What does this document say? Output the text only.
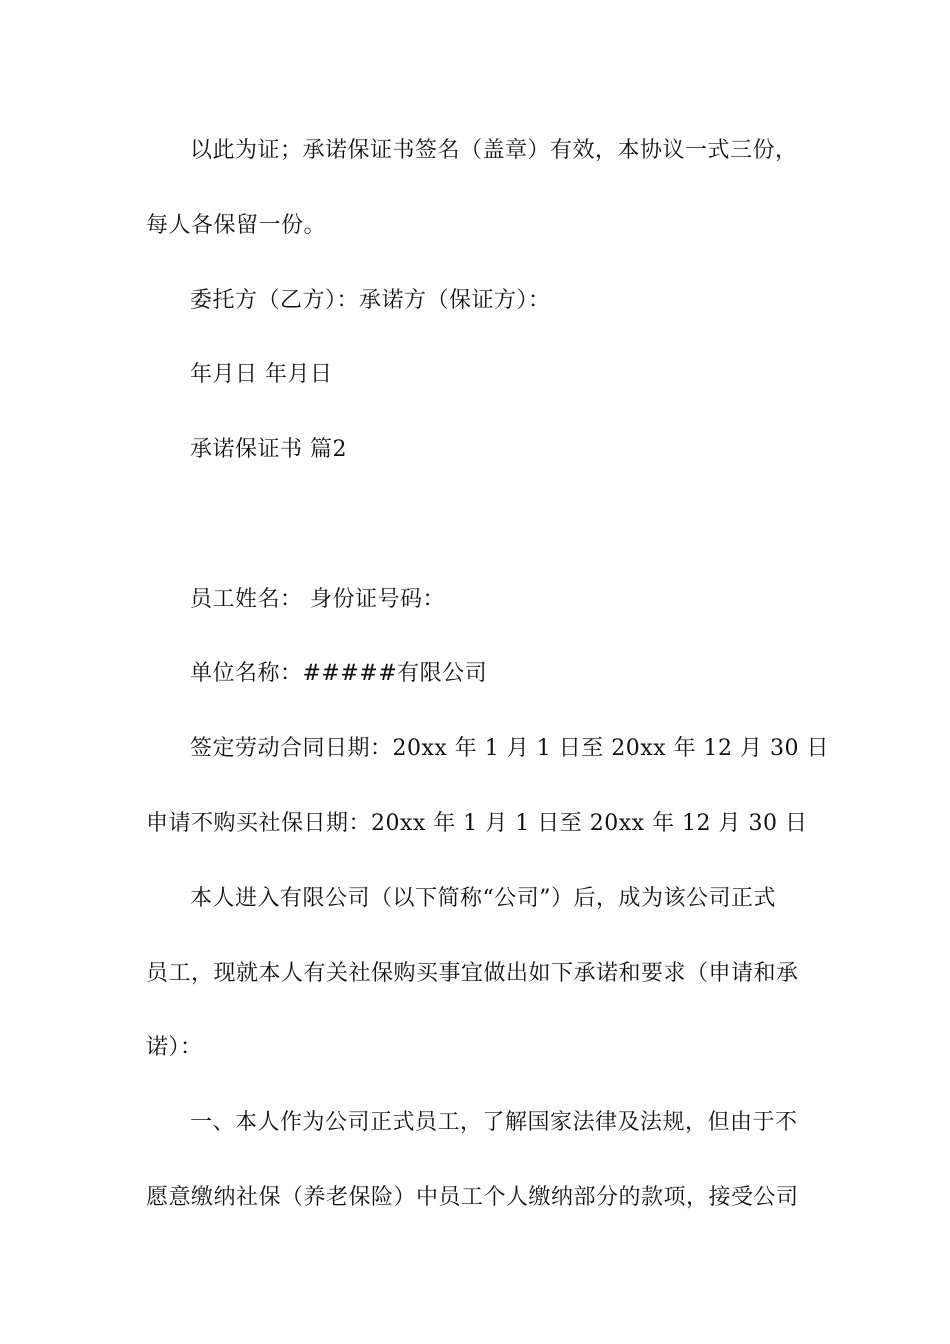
以此为证；承诺保证书签名（盖章）有效，本协议一式三份，
每人各保留一份。
委托方（乙方）：承诺方（保证方）：
年月日 年月日
承诺保证书 篇2
员工姓名： 身份证号码：
单位名称：#####有限公司
签定劳动合同日期：20xx 年 1 月 1 日至 20xx 年 12 月 30 日
申请不购买社保日期：20xx 年 1 月 1 日至 20xx 年 12 月 30 日
本人进入有限公司（以下简称“公司”）后，成为该公司正式
员工，现就本人有关社保购买事宜做出如下承诺和要求（申请和承
诺）：
一、本人作为公司正式员工，了解国家法律及法规，但由于不
愿意缴纳社保（养老保险）中员工个人缴纳部分的款项，接受公司
